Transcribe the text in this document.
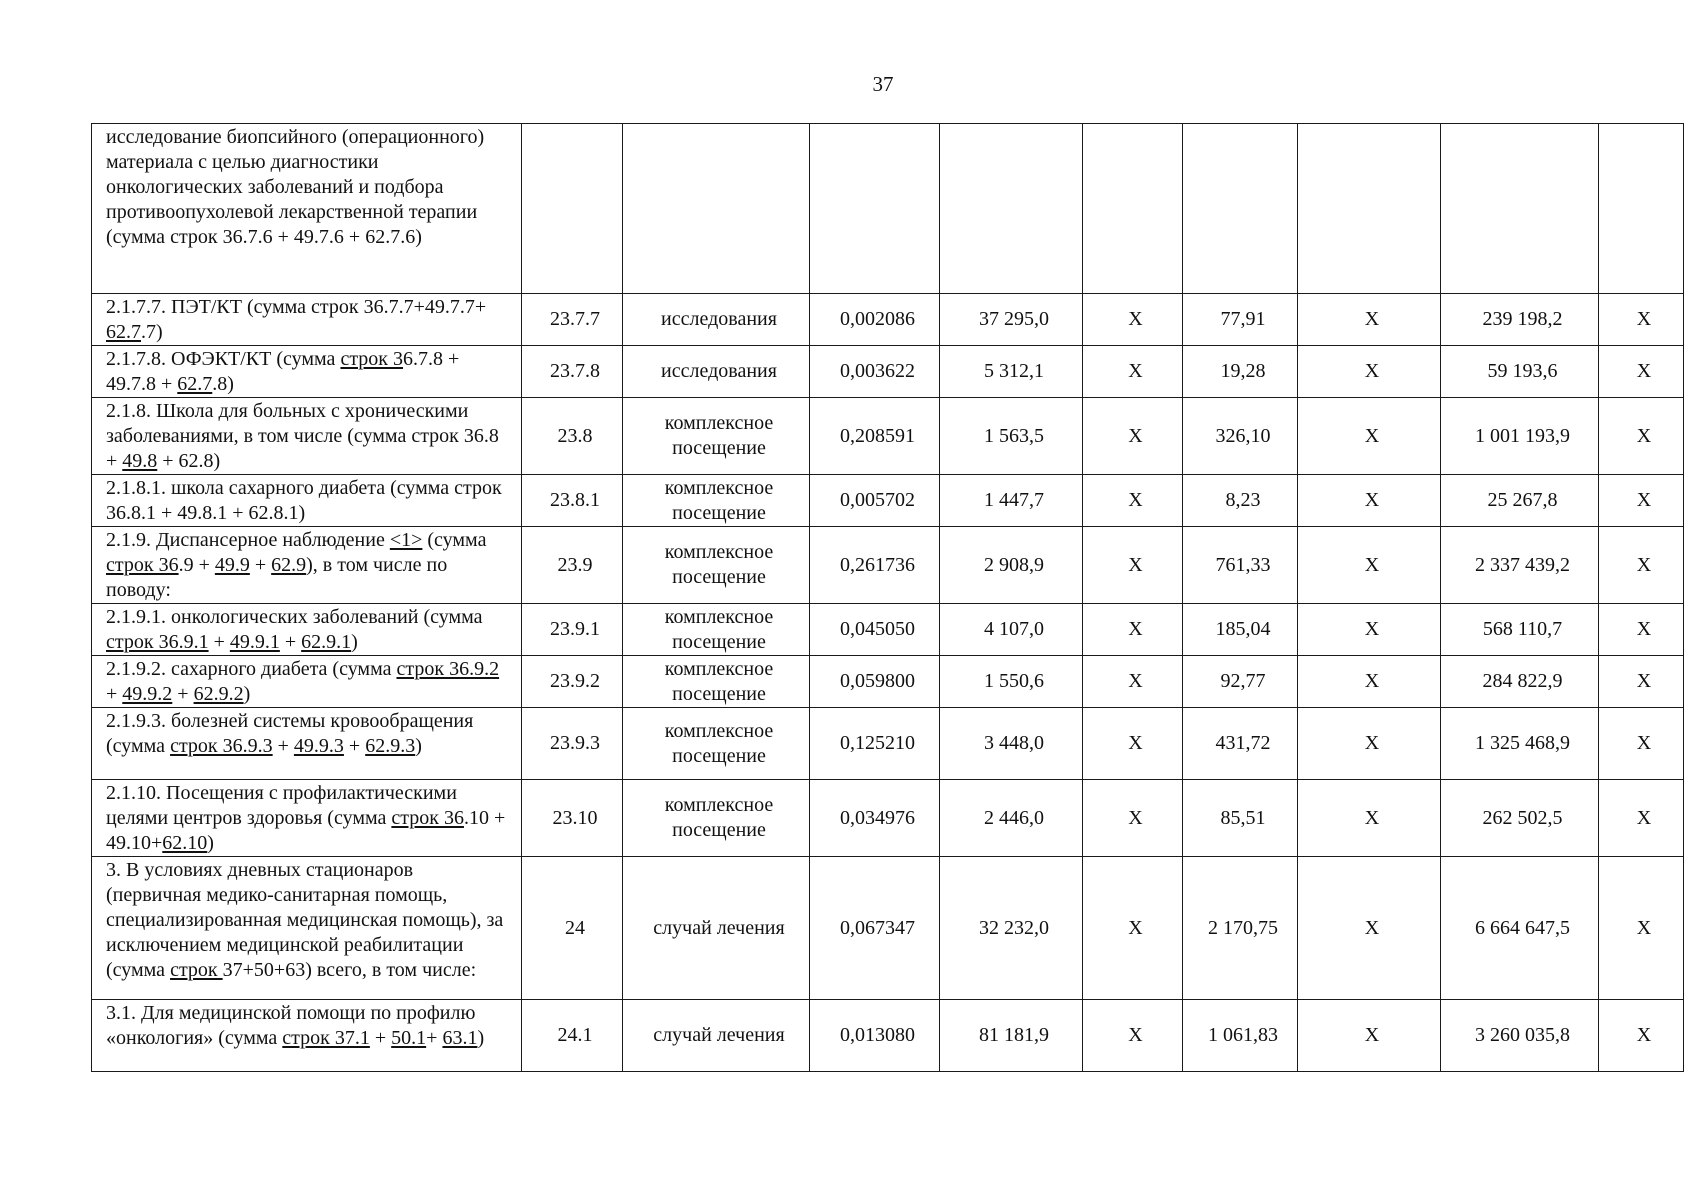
37
исследование биопсийного (операционного) материала с целью диагностики онкологических заболеваний и подбора противоопухолевой лекарственной терапии (сумма строк 36.7.6 + 49.7.6 + 62.7.6)									
2.1.7.7. ПЭТ/КТ (сумма строк 36.7.7+49.7.7+ 62.7.7)	23.7.7	исследования	0,002086	37 295,0	X	77,91	X	239 198,2	X
2.1.7.8. ОФЭКТ/КТ (сумма строк 36.7.8 + 49.7.8 + 62.7.8)	23.7.8	исследования	0,003622	5 312,1	X	19,28	X	59 193,6	X
2.1.8. Школа для больных с хроническими заболеваниями, в том числе (сумма строк 36.8 + 49.8 + 62.8)	23.8	комплексное посещение	0,208591	1 563,5	X	326,10	X	1 001 193,9	X
2.1.8.1. школа сахарного диабета (сумма строк 36.8.1 + 49.8.1 + 62.8.1)	23.8.1	комплексное посещение	0,005702	1 447,7	X	8,23	X	25 267,8	X
2.1.9. Диспансерное наблюдение <1> (сумма строк 36.9 + 49.9 + 62.9), в том числе по поводу:	23.9	комплексное посещение	0,261736	2 908,9	X	761,33	X	2 337 439,2	X
2.1.9.1. онкологических заболеваний (сумма строк 36.9.1 + 49.9.1 + 62.9.1)	23.9.1	комплексное посещение	0,045050	4 107,0	X	185,04	X	568 110,7	X
2.1.9.2. сахарного диабета (сумма строк 36.9.2 + 49.9.2 + 62.9.2)	23.9.2	комплексное посещение	0,059800	1 550,6	X	92,77	X	284 822,9	X
2.1.9.3. болезней системы кровообращения (сумма строк 36.9.3 + 49.9.3 + 62.9.3)	23.9.3	комплексное посещение	0,125210	3 448,0	X	431,72	X	1 325 468,9	X
2.1.10. Посещения с профилактическими целями центров здоровья (сумма строк 36.10 + 49.10+62.10)	23.10	комплексное посещение	0,034976	2 446,0	X	85,51	X	262 502,5	X
3. В условиях дневных стационаров (первичная медико-санитарная помощь, специализированная медицинская помощь), за исключением медицинской реабилитации (сумма строк 37+50+63) всего, в том числе:	24	случай лечения	0,067347	32 232,0	X	2 170,75	X	6 664 647,5	X
3.1. Для медицинской помощи по профилю «онкология» (сумма строк 37.1 + 50.1+ 63.1)	24.1	случай лечения	0,013080	81 181,9	X	1 061,83	X	3 260 035,8	X
